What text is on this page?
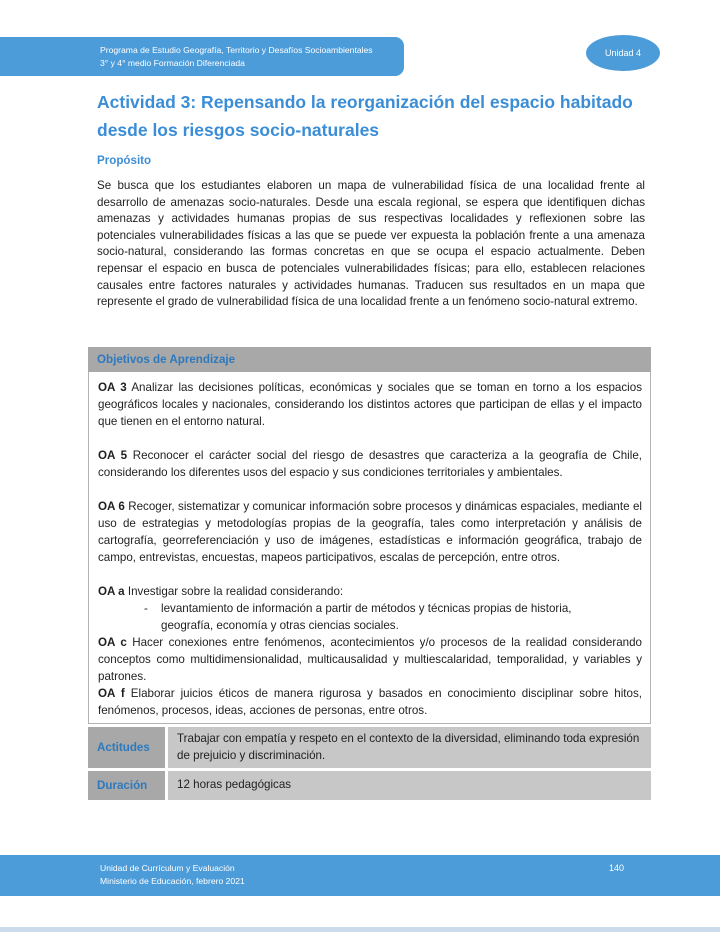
Programa de Estudio Geografía, Territorio y Desafíos Socioambientales
3° y 4° medio Formación Diferenciada
Unidad 4
Actividad 3: Repensando la reorganización del espacio habitado
desde los riesgos socio-naturales
Propósito
Se busca que los estudiantes elaboren un mapa de vulnerabilidad física de una localidad frente al desarrollo de amenazas socio-naturales. Desde una escala regional, se espera que identifiquen dichas amenazas y actividades humanas propias de sus respectivas localidades y reflexionen sobre las potenciales vulnerabilidades físicas a las que se puede ver expuesta la población frente a una amenaza socio-natural, considerando las formas concretas en que se ocupa el espacio actualmente. Deben repensar el espacio en busca de potenciales vulnerabilidades físicas; para ello, establecen relaciones causales entre factores naturales y actividades humanas. Traducen sus resultados en un mapa que represente el grado de vulnerabilidad física de una localidad frente a un fenómeno socio-natural extremo.
Objetivos de Aprendizaje
OA 3 Analizar las decisiones políticas, económicas y sociales que se toman en torno a los espacios geográficos locales y nacionales, considerando los distintos actores que participan de ellas y el impacto que tienen en el entorno natural.
OA 5 Reconocer el carácter social del riesgo de desastres que caracteriza a la geografía de Chile, considerando los diferentes usos del espacio y sus condiciones territoriales y ambientales.
OA 6 Recoger, sistematizar y comunicar información sobre procesos y dinámicas espaciales, mediante el uso de estrategias y metodologías propias de la geografía, tales como interpretación y análisis de cartografía, georreferenciación y uso de imágenes, estadísticas e información geográfica, trabajo de campo, entrevistas, encuestas, mapeos participativos, escalas de percepción, entre otros.
OA a Investigar sobre la realidad considerando:
-	levantamiento de información a partir de métodos y técnicas propias de historia, geografía, economía y otras ciencias sociales.
OA c Hacer conexiones entre fenómenos, acontecimientos y/o procesos de la realidad considerando conceptos como multidimensionalidad, multicausalidad y multiescalaridad, temporalidad, y variables y patrones.
OA f Elaborar juicios éticos de manera rigurosa y basados en conocimiento disciplinar sobre hitos, fenómenos, procesos, ideas, acciones de personas, entre otros.
Actitudes
Trabajar con empatía y respeto en el contexto de la diversidad, eliminando toda expresión de prejuicio y discriminación.
Duración	12 horas pedagógicas
Unidad de Currículum y Evaluación
Ministerio de Educación, febrero 2021
140
